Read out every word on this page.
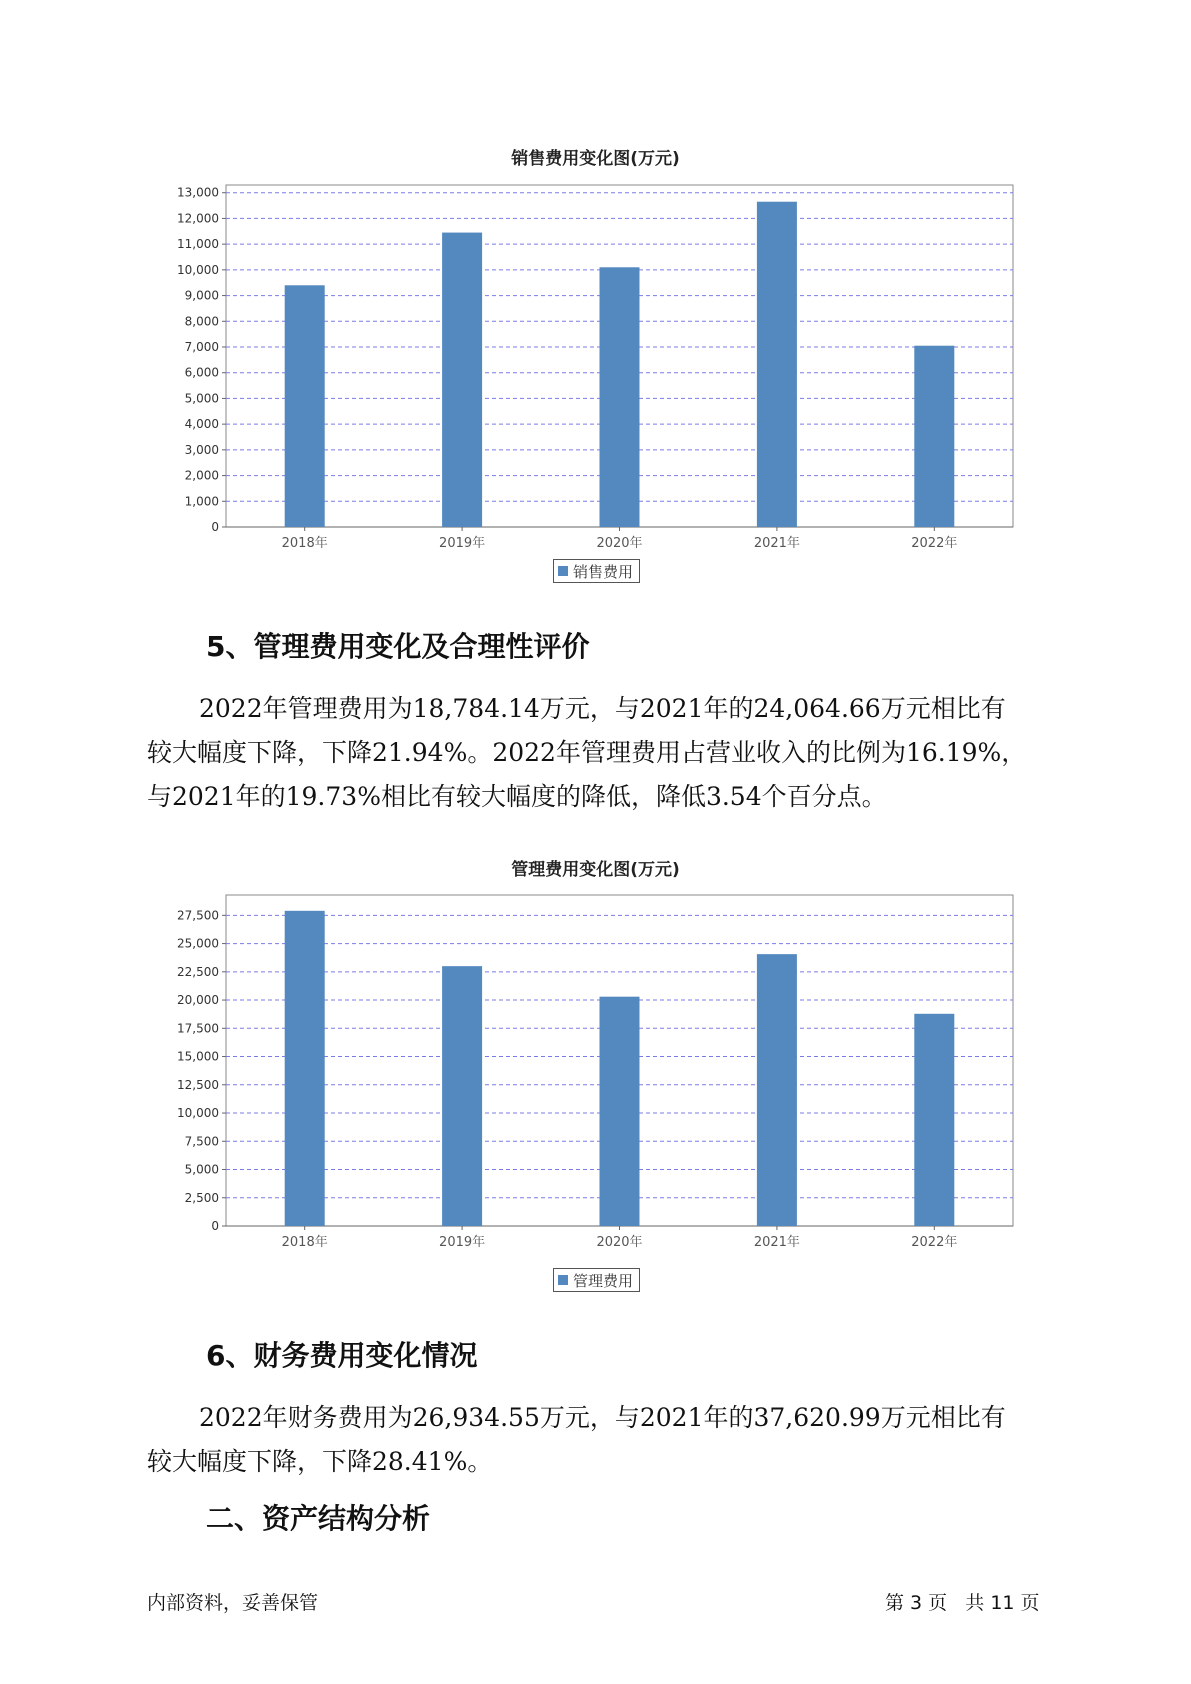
销售费用变化图(万元)
0
1,000
2,000
3,000
4,000
5,000
6,000
7,000
8,000
9,000
10,000
11,000
12,000
13,000
2018年	2019年	2020年	2021年	2022年
销售费用
5、管理费用变化及合理性评价
2022年管理费用为18,784.14万元，与2021年的24,064.66万元相比有
较大幅度下降，下降21.94%。2022年管理费用占营业收入的比例为16.19%，
与2021年的19.73%相比有较大幅度的降低，降低3.54个百分点。
管理费用变化图(万元)
0
2,500
5,000
7,500
10,000
12,500
15,000
17,500
20,000
22,500
25,000
27,500
2018年	2019年	2020年	2021年	2022年
管理费用
6、财务费用变化情况
2022年财务费用为26,934.55万元，与2021年的37,620.99万元相比有
较大幅度下降，下降28.41%。
二、资产结构分析
内部资料，妥善保管	第 3 页   共 11 页
